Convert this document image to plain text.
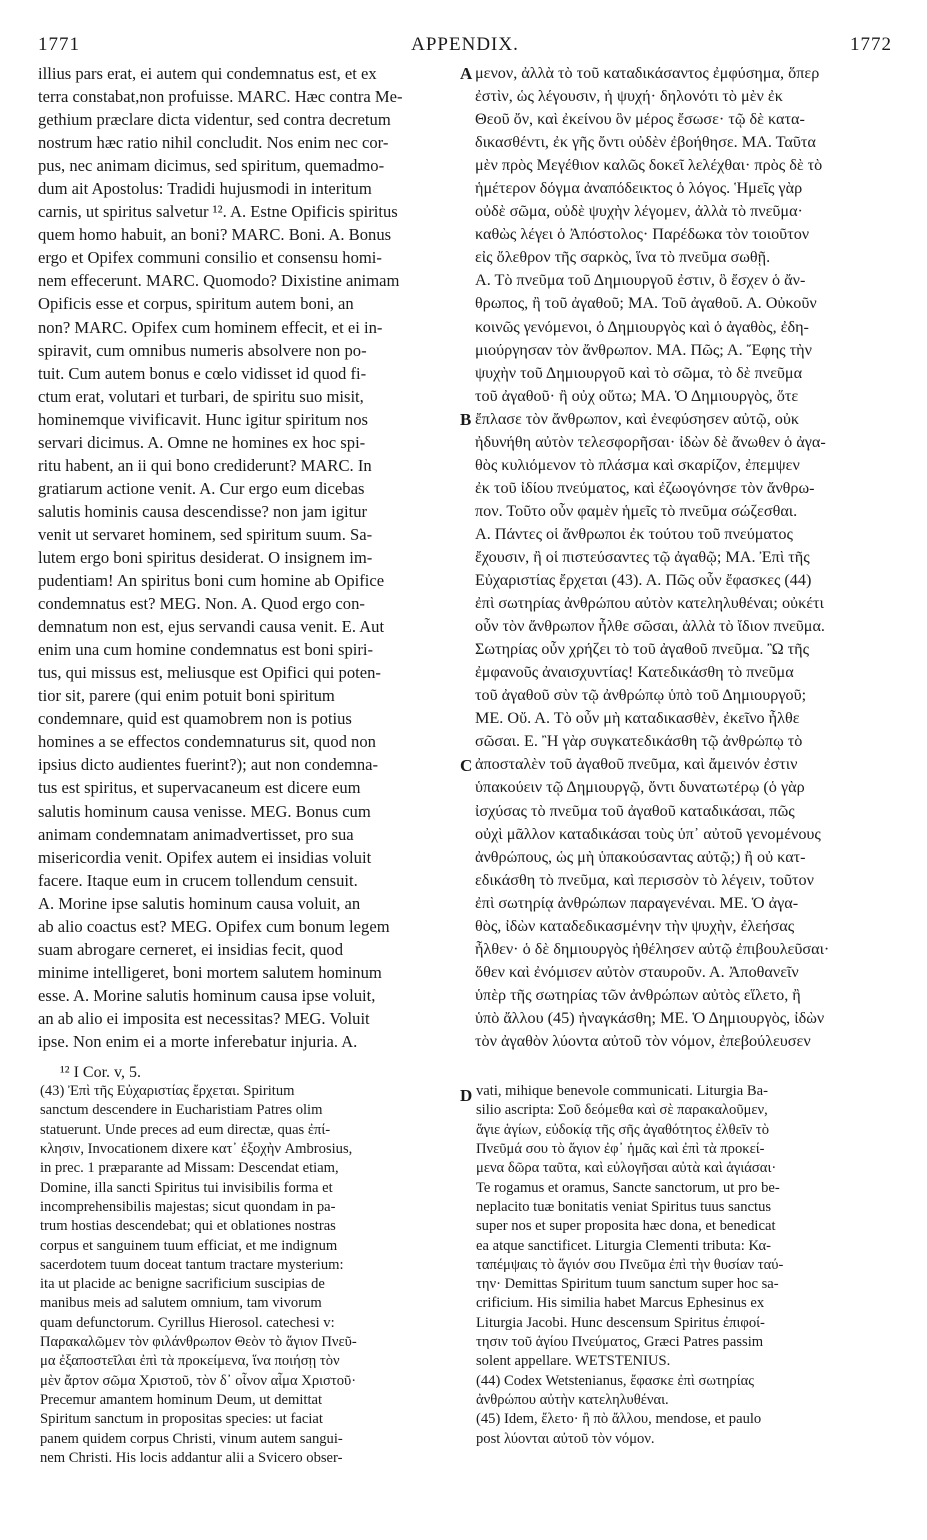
1771	APPENDIX.	1772
illius pars erat, ei autem qui condemnatus est, et ex
terra constabat,non profuisse. MARC. Hæc contra Me-
gethium præclare dicta videntur, sed contra decretum
nostrum hæc ratio nihil concludit. Nos enim nec cor-
pus, nec animam dicimus, sed spiritum, quemadmo-
dum ait Apostolus: Tradidi hujusmodi in interitum
carnis, ut spiritus salvetur ¹². A. Estne Opificis spiritus
quem homo habuit, an boni? MARC. Boni. A. Bonus
ergo et Opifex communi consilio et consensu homi-
nem effecerunt. MARC. Quomodo? Dixistine animam
Opificis esse et corpus, spiritum autem boni, an
non? MARC. Opifex cum hominem effecit, et ei in-
spiravit, cum omnibus numeris absolvere non po-
tuit. Cum autem bonus e cœlo vidisset id quod fi-
ctum erat, volutari et turbari, de spiritu suo misit,
hominemque vivificavit. Hunc igitur spiritum nos
servari dicimus. A. Omne ne homines ex hoc spi-
ritu habent, an ii qui bono crediderunt? MARC. In
gratiarum actione venit. A. Cur ergo eum dicebas
salutis hominis causa descendisse? non jam igitur
venit ut servaret hominem, sed spiritum suum. Sa-
lutem ergo boni spiritus desiderat. O insignem im-
pudentiam! An spiritus boni cum homine ab Opifice
condemnatus est? MEG. Non. A. Quod ergo con-
demnatum non est, ejus servandi causa venit. E. Aut
enim una cum homine condemnatus est boni spiri-
tus, qui missus est, meliusque est Opifici qui poten-
tior sit, parere (qui enim potuit boni spiritum
condemnare, quid est quamobrem non is potius
homines a se effectos condemnaturus sit, quod non
ipsius dicto audientes fuerint?); aut non condemna-
tus est spiritus, et supervacaneum est dicere eum
salutis hominum causa venisse. MEG. Bonus cum
animam condemnatam animadvertisset, pro sua
misericordia venit. Opifex autem ei insidias voluit
facere. Itaque eum in crucem tollendum censuit.
A. Morine ipse salutis hominum causa voluit, an
ab alio coactus est? MEG. Opifex cum bonum legem
suam abrogare cerneret, ei insidias fecit, quod
minime intelligeret, boni mortem salutem hominum
esse. A. Morine salutis hominum causa ipse voluit,
an ab alio ei imposita est necessitas? MEG. Voluit
ipse. Non enim ei a morte inferebatur injuria. A.
μενον, ἀλλὰ τὸ τοῦ καταδικάσαντος ἐμφύσημα, ὅπερ
ἐστὶν, ὡς λέγουσιν, ἡ ψυχή· δηλονότι τὸ μὲν ἐκ
Θεοῦ ὄν, καὶ ἐκείνου ὃν μέρος ἔσωσε· τῷ δὲ κατα-
δικασθέντι, ἐκ γῆς ὄντι οὐδὲν ἐβοήθησε. ΜΑ. Ταῦτα
μὲν πρὸς Μεγέθιον καλῶς δοκεῖ λελέχθαι· πρὸς δὲ τὸ
ἡμέτερον δόγμα ἀναπόδεικτος ὁ λόγος. Ἡμεῖς γὰρ
οὐδὲ σῶμα, οὐδὲ ψυχὴν λέγομεν, ἀλλὰ τὸ πνεῦμα·
καθὼς λέγει ὁ Ἀπόστολος· Παρέδωκα τὸν τοιοῦτον
εἰς ὄλεθρον τῆς σαρκὸς, ἵνα τὸ πνεῦμα σωθῇ.
Α. Τὸ πνεῦμα τοῦ Δημιουργοῦ ἐστιν, ὃ ἔσχεν ὁ ἄν-
θρωπος, ἢ τοῦ ἀγαθοῦ; ΜΑ. Τοῦ ἀγαθοῦ. Α. Οὐκοῦν
κοινῶς γενόμενοι, ὁ Δημιουργὸς καὶ ὁ ἀγαθὸς, ἐδη-
μιούργησαν τὸν ἄνθρωπον. ΜΑ. Πῶς; Α. Ἔφης τὴν
ψυχὴν τοῦ Δημιουργοῦ καὶ τὸ σῶμα, τὸ δὲ πνεῦμα
τοῦ ἀγαθοῦ· ἢ οὐχ οὕτω; ΜΑ. Ὁ Δημιουργὸς, ὅτε
ἔπλασε τὸν ἄνθρωπον, καὶ ἐνεφύσησεν αὐτῷ, οὐκ
ἠδυνήθη αὐτὸν τελεσφορῆσαι· ἰδὼν δὲ ἄνωθεν ὁ ἀγα-
θὸς κυλιόμενον τὸ πλάσμα καὶ σκαρίζον, ἐπεμψεν
ἐκ τοῦ ἰδίου πνεύματος, καὶ ἐζωογόνησε τὸν ἄνθρω-
πον. Τοῦτο οὖν φαμὲν ἡμεῖς τὸ πνεῦμα σώζεσθαι.
Α. Πάντες οἱ ἄνθρωποι ἐκ τούτου τοῦ πνεύματος
ἔχουσιν, ἢ οἱ πιστεύσαντες τῷ ἀγαθῷ; ΜΑ. Ἐπὶ τῆς
Εὐχαριστίας ἔρχεται (43). Α. Πῶς οὖν ἔφασκες (44)
ἐπὶ σωτηρίας ἀνθρώπου αὐτὸν κατεληλυθέναι; οὐκέτι
οὖν τὸν ἄνθρωπον ἦλθε σῶσαι, ἀλλὰ τὸ ἴδιον πνεῦμα.
Σωτηρίας οὖν χρήζει τὸ τοῦ ἀγαθοῦ πνεῦμα. Ὢ τῆς
ἐμφανοῦς ἀναισχυντίας! Κατεδικάσθη τὸ πνεῦμα
τοῦ ἀγαθοῦ σὺν τῷ ἀνθρώπῳ ὑπὸ τοῦ Δημιουργοῦ;
ΜΕ. Οὔ. Α. Τὸ οὖν μὴ καταδικασθὲν, ἐκεῖνο ἦλθε
σῶσαι. Ε. Ἢ γὰρ συγκατεδικάσθη τῷ ἀνθρώπῳ τὸ
ἀποσταλὲν τοῦ ἀγαθοῦ πνεῦμα, καὶ ἄμεινόν ἐστιν
ὑπακούειν τῷ Δημιουργῷ, ὄντι δυνατωτέρῳ (ὁ γὰρ
ἰσχύσας τὸ πνεῦμα τοῦ ἀγαθοῦ καταδικάσαι, πῶς
οὐχὶ μᾶλλον καταδικάσαι τοὺς ὑπ᾽ αὐτοῦ γενομένους
ἀνθρώπους, ὡς μὴ ὑπακούσαντας αὐτῷ;) ἢ οὐ κατ-
εδικάσθη τὸ πνεῦμα, καὶ περισσὸν τὸ λέγειν, τοῦτον
ἐπὶ σωτηρίᾳ ἀνθρώπων παραγενέναι. ΜΕ. Ὁ ἀγα-
θὸς, ἰδὼν καταδεδικασμένην τὴν ψυχὴν, ἐλεήσας
ἦλθεν· ὁ δὲ δημιουργὸς ἠθέλησεν αὐτῷ ἐπιβουλεῦσαι·
ὅθεν καὶ ἐνόμισεν αὐτὸν σταυροῦν. Α. Ἀποθανεῖν
ὑπὲρ τῆς σωτηρίας τῶν ἀνθρώπων αὐτὸς εἵλετο, ἢ
ὑπὸ ἄλλου (45) ἠναγκάσθη; ΜΕ. Ὁ Δημιουργὸς, ἰδὼν
τὸν ἀγαθὸν λύοντα αὐτοῦ τὸν νόμον, ἐπεβούλευσεν
A
B
C
D
¹² I Cor. v, 5.
(43) Ἐπὶ τῆς Εὐχαριστίας ἔρχεται. Spiritum
sanctum descendere in Eucharistiam Patres olim
statuerunt. Unde preces ad eum directæ, quas ἐπί-
κλησιν, Invocationem dixere κατ᾽ ἐξοχὴν Ambrosius,
in prec. 1 præparante ad Missam: Descendat etiam,
Domine, illa sancti Spiritus tui invisibilis forma et
incomprehensibilis majestas; sicut quondam in pa-
trum hostias descendebat; qui et oblationes nostras
corpus et sanguinem tuum efficiat, et me indignum
sacerdotem tuum doceat tantum tractare mysterium:
ita ut placide ac benigne sacrificium suscipias de
manibus meis ad salutem omnium, tam vivorum
quam defunctorum. Cyrillus Hierosol. catechesi v:
Παρακαλῶμεν τὸν φιλάνθρωπον Θεὸν τὸ ἅγιον Πνεῦ-
μα ἐξαποστεῖλαι ἐπὶ τὰ προκείμενα, ἵνα ποιήσῃ τὸν
μὲν ἄρτον σῶμα Χριστοῦ, τὸν δ᾽ οἶνον αἷμα Χριστοῦ·
Precemur amantem hominum Deum, ut demittat
Spiritum sanctum in propositas species: ut faciat
panem quidem corpus Christi, vinum autem sangui-
nem Christi. His locis addantur alii a Svicero obser-
vati, mihique benevole communicati. Liturgia Ba-
silio ascripta: Σοῦ δεόμεθα καὶ σὲ παρακαλοῦμεν,
ἅγιε ἁγίων, εὐδοκίᾳ τῆς σῆς ἀγαθότητος ἐλθεῖν τὸ
Πνεῦμά σου τὸ ἅγιον ἐφ᾽ ἡμᾶς καὶ ἐπὶ τὰ προκεί-
μενα δῶρα ταῦτα, καὶ εὐλογῆσαι αὐτὰ καὶ ἁγιάσαι·
Te rogamus et oramus, Sancte sanctorum, ut pro be-
neplacito tuæ bonitatis veniat Spiritus tuus sanctus
super nos et super proposita hæc dona, et benedicat
ea atque sanctificet. Liturgia Clementi tributa: Κα-
ταπέμψαις τὸ ἅγιόν σου Πνεῦμα ἐπὶ τὴν θυσίαν ταύ-
την· Demittas Spiritum tuum sanctum super hoc sa-
crificium. His similia habet Marcus Ephesinus ex
Liturgia Jacobi. Hunc descensum Spiritus ἐπιφοί-
τησιν τοῦ ἁγίου Πνεύματος, Græci Patres passim
solent appellare. WETSTENIUS.
(44) Codex Wetstenianus, ἔφασκε ἐπὶ σωτηρίας
ἀνθρώπου αὐτὴν κατεληλυθέναι.
(45) Idem, ἔλετο· ἢ πὸ ἄλλου, mendose, et paulo
post λύονται αὐτοῦ τὸν νόμον.
